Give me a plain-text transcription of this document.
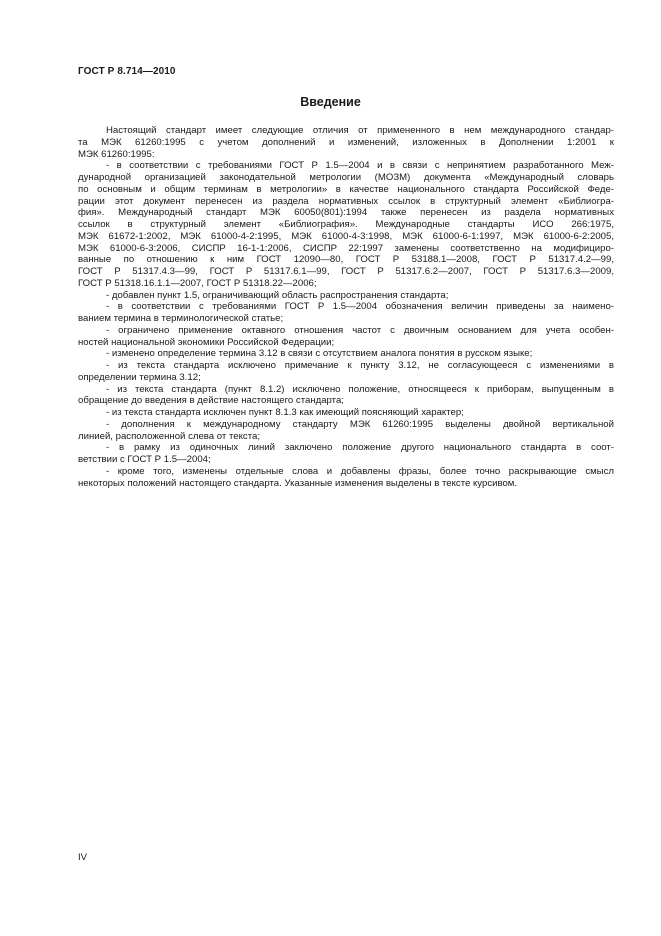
ГОСТ Р 8.714—2010
Введение
Настоящий стандарт имеет следующие отличия от примененного в нем международного стандар-
та МЭК 61260:1995 с учетом дополнений и изменений, изложенных в Дополнении 1:2001 к
МЭК 61260:1995:
- в соответствии с требованиями ГОСТ Р 1.5—2004 и в связи с непринятием разработанного Меж-
дународной организацией законодательной метрологии (МОЗМ) документа «Международный словарь
по основным и общим терминам в метрологии» в качестве национального стандарта Российской Феде-
рации этот документ перенесен из раздела нормативных ссылок в структурный элемент «Библиогра-
фия». Международный стандарт МЭК 60050(801):1994 также перенесен из раздела нормативных
ссылок в структурный элемент «Библиография». Международные стандарты ИСО 266:1975,
МЭК 61672-1:2002, МЭК 61000-4-2:1995, МЭК 61000-4-3:1998, МЭК 61000-6-1:1997, МЭК 61000-6-2:2005,
МЭК 61000-6-3:2006, СИСПР 16-1-1:2006, СИСПР 22:1997 заменены соответственно на модифициро-
ванные по отношению к ним ГОСТ 12090—80, ГОСТ Р 53188.1—2008, ГОСТ Р 51317.4.2—99,
ГОСТ Р 51317.4.3—99, ГОСТ Р 51317.6.1—99, ГОСТ Р 51317.6.2—2007, ГОСТ Р 51317.6.3—2009,
ГОСТ Р 51318.16.1.1—2007, ГОСТ Р 51318.22—2006;
- добавлен пункт 1.5, ограничивающий область распространения стандарта;
- в соответствии с требованиями ГОСТ Р 1.5—2004 обозначения величин приведены за наимено-
ванием термина в терминологической статье;
- ограничено применение октавного отношения частот с двоичным основанием для учета особен-
ностей национальной экономики Российской Федерации;
- изменено определение термина 3.12 в связи с отсутствием аналога понятия в русском языке;
- из текста стандарта исключено примечание к пункту 3.12, не согласующееся с изменениями в
определении термина 3.12;
- из текста стандарта (пункт 8.1.2) исключено положение, относящееся к приборам, выпущенным в
обращение до введения в действие настоящего стандарта;
- из текста стандарта исключен пункт 8.1.3 как имеющий поясняющий характер;
- дополнения к международному стандарту МЭК 61260:1995 выделены двойной вертикальной
линией, расположенной слева от текста;
- в рамку из одиночных линий заключено положение другого национального стандарта в соот-
ветствии с ГОСТ Р 1.5—2004;
- кроме того, изменены отдельные слова и добавлены фразы, более точно раскрывающие смысл
некоторых положений настоящего стандарта. Указанные изменения выделены в тексте курсивом.
IV
